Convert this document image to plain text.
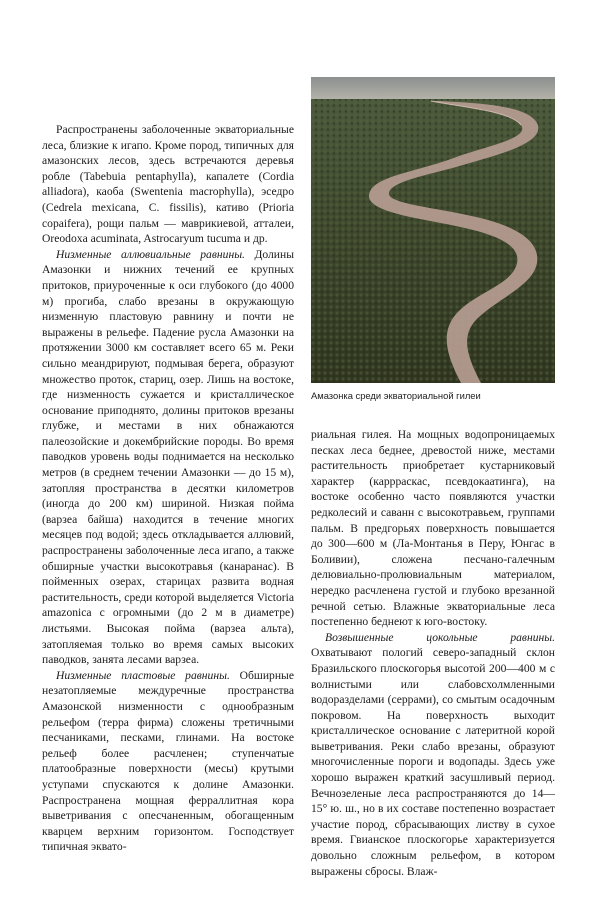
Амазонка среди экваториальной гилеи

Распространены заболоченные экваториальные леса, близкие к игапо. Кроме пород, типичных для амазонских лесов, здесь встречаются деревья робле (Tabebuia pentaphylla), капалете (Cordia alliadora), каоба (Swentenia macrophylla), эседро (Cedrela mexicana, C. fissilis), кативо (Prioria copaifera), рощи пальм — маврикиевой, атталеи, Oreodoxa acuminata, Astrocaryum tucuma и др.

Низменные аллювиальные равнины. Долины Амазонки и нижних течений ее крупных притоков, приуроченные к оси глубокого (до 4000 м) прогиба, слабо врезаны в окружающую низменную пластовую равнину и почти не выражены в рельефе. Падение русла Амазонки на протяжении 3000 км составляет всего 65 м. Реки сильно меандрируют, подмывая берега, образуют множество проток, стариц, озер. Лишь на востоке, где низменность сужается и кристаллическое основание приподнято, долины притоков врезаны глубже, и местами в них обнажаются палеозойские и докембрийские породы. Во время паводков уровень воды поднимается на несколько метров (в среднем течении Амазонки — до 15 м), затопляя пространства в десятки километров (иногда до 200 км) шириной. Низкая пойма (варзеа байша) находится в течение многих месяцев под водой; здесь откладывается аллювий, распространены заболоченные леса игапо, а также обширные участки высокотравья (канаранас). В пойменных озерах, старицах развита водная растительность, среди которой выделяется Victoria amazonica с огромными (до 2 м в диаметре) листьями. Высокая пойма (варзеа альта), затопляемая только во время самых высоких паводков, занята лесами варзеа.

Низменные пластовые равнины. Обширные незатопляемые междуречные пространства Амазонской низменности с однообразным рельефом (терра фирма) сложены третичными песчаниками, песками, глинами. На востоке рельеф более расчленен; ступенчатые платообразные поверхности (месы) крутыми уступами спускаются к долине Амазонки. Распространена мощная ферраллитная кора выветривания с опесчаненным, обогащенным кварцем верхним горизонтом. Господствует типичная экватo-

риальная гилея. На мощных водопроницаемых песках леса беднее, древостой ниже, местами растительность приобретает кустарниковый характер (каррраскас, псевдокаатинга), на востоке особенно часто появляются участки редколесий и саванн с высокотравьем, группами пальм. В предгорьях поверхность повышается до 300—600 м (Ла-Монтанья в Перу, Юнгас в Боливии), сложена песчано-галечным делювиально-пролювиальным материалом, нередко расчленена густой и глубоко врезанной речной сетью. Влажные экваториальные леса постепенно беднеют к юго-востоку.

Возвышенные цокольные равнины. Охватывают пологий северо-западный склон Бразильского плоскогорья высотой 200—400 м с волнистыми или слабовсхолмленными водоразделами (серрами), со смытым осадочным покровом. На поверхность выходит кристаллическое основание с латеритной корой выветривания. Реки слабо врезаны, образуют многочисленные пороги и водопады. Здесь уже хорошо выражен краткий засушливый период. Вечнозеленые леса распространяются до 14—15° ю. ш., но в их составе постепенно возрастает участие пород, сбрасывающих листву в сухое время. Гвианское плоскогорье характеризуется довольно сложным рельефом, в котором выражены сбросы. Влаж-
